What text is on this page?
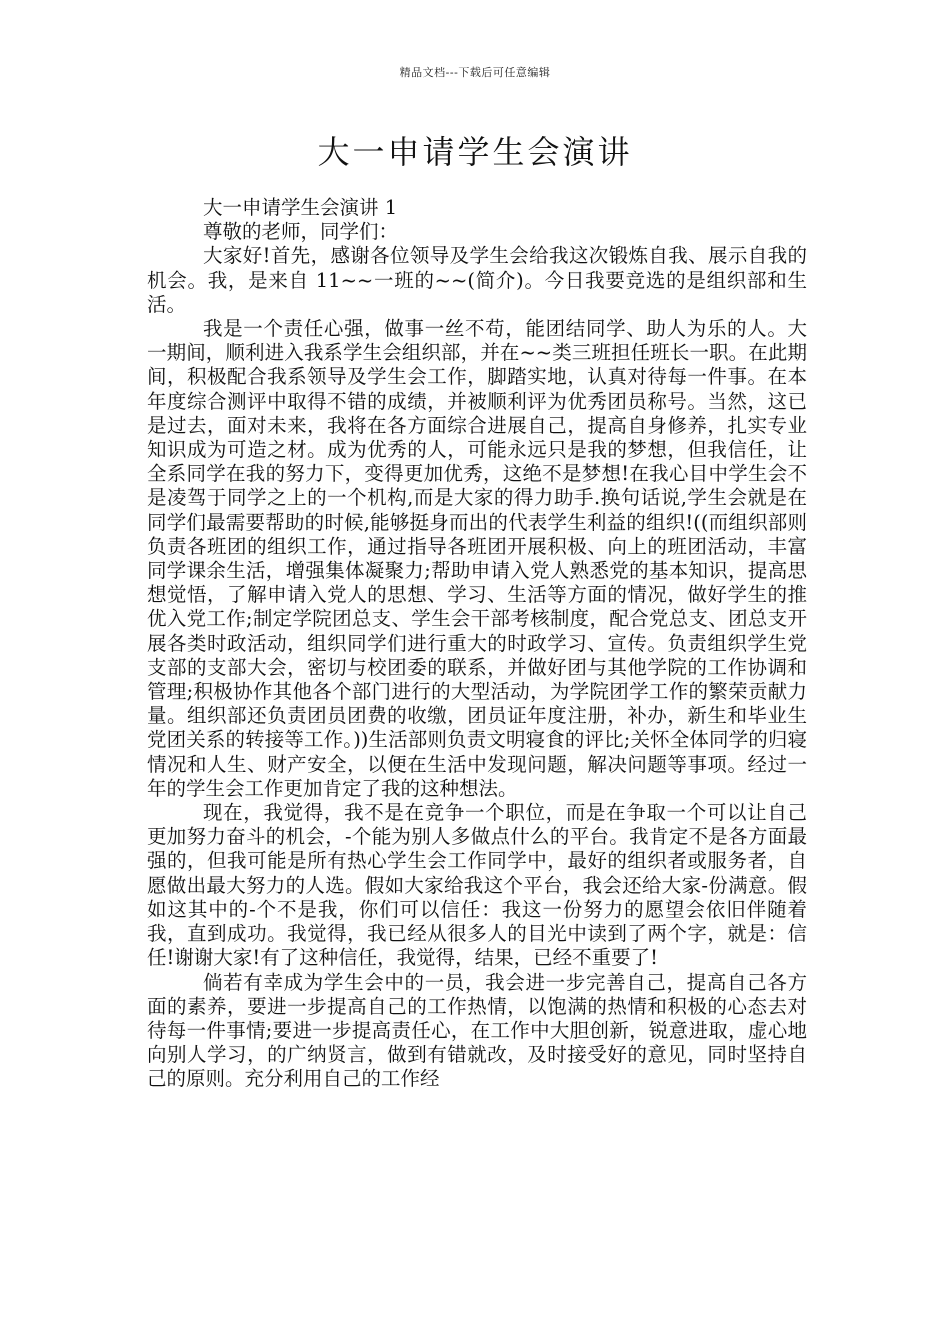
精品文档---下载后可任意编辑
大一申请学生会演讲

大一申请学生会演讲 1

尊敬的老师，同学们：

大家好!首先，感谢各位领导及学生会给我这次锻炼自我、展示自我的机会。我，是来自 11~~一班的~~(简介)。今日我要竞选的是组织部和生活。

我是一个责任心强，做事一丝不苟，能团结同学、助人为乐的人。大一期间，顺利进入我系学生会组织部，并在~~类三班担任班长一职。在此期间，积极配合我系领导及学生会工作，脚踏实地，认真对待每一件事。在本年度综合测评中取得不错的成绩，并被顺利评为优秀团员称号。当然，这已是过去，面对未来，我将在各方面综合进展自己，提高自身修养，扎实专业知识成为可造之材。成为优秀的人，可能永远只是我的梦想，但我信任，让全系同学在我的努力下，变得更加优秀，这绝不是梦想!在我心目中学生会不是凌驾于同学之上的一个机构,而是大家的得力助手.换句话说,学生会就是在同学们最需要帮助的时候,能够挺身而出的代表学生利益的组织!((而组织部则负责各班团的组织工作，通过指导各班团开展积极、向上的班团活动，丰富同学课余生活，增强集体凝聚力;帮助申请入党人熟悉党的基本知识，提高思想觉悟，了解申请入党人的思想、学习、生活等方面的情况，做好学生的推优入党工作;制定学院团总支、学生会干部考核制度，配合党总支、团总支开展各类时政活动，组织同学们进行重大的时政学习、宣传。负责组织学生党支部的支部大会，密切与校团委的联系，并做好团与其他学院的工作协调和管理;积极协作其他各个部门进行的大型活动，为学院团学工作的繁荣贡献力量。组织部还负责团员团费的收缴，团员证年度注册，补办，新生和毕业生党团关系的转接等工作。))生活部则负责文明寝食的评比;关怀全体同学的归寝情况和人生、财产安全，以便在生活中发现问题，解决问题等事项。经过一年的学生会工作更加肯定了我的这种想法。

现在，我觉得，我不是在竞争一个职位，而是在争取一个可以让自己更加努力奋斗的机会，-个能为别人多做点什么的平台。我肯定不是各方面最强的，但我可能是所有热心学生会工作同学中，最好的组织者或服务者，自愿做出最大努力的人选。假如大家给我这个平台，我会还给大家-份满意。假如这其中的-个不是我，你们可以信任：我这一份努力的愿望会依旧伴随着我，直到成功。我觉得，我已经从很多人的目光中读到了两个字，就是：信任!谢谢大家!有了这种信任，我觉得，结果，已经不重要了!

倘若有幸成为学生会中的一员，我会进一步完善自己，提高自己各方面的素养，要进一步提高自己的工作热情，以饱满的热情和积极的心态去对待每一件事情;要进一步提高责任心，在工作中大胆创新，锐意进取，虚心地向别人学习，的广纳贤言，做到有错就改，及时接受好的意见，同时坚持自己的原则。充分利用自己的工作经
